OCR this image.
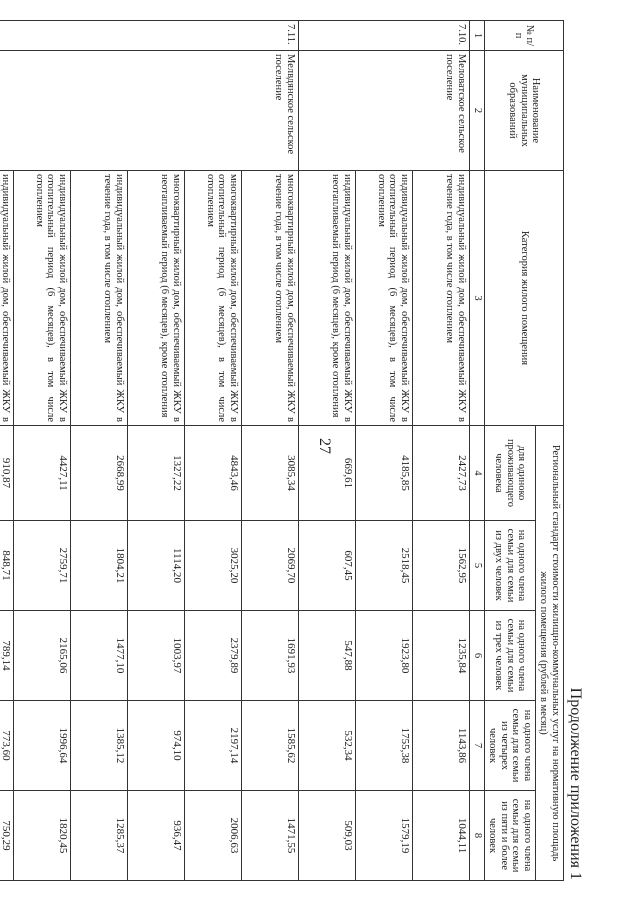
27
Продолжение приложения 1
№ п/п	Наименование муниципальных образований	Категория жилого помещения	Региональный стандарт стоимости жилищно-коммунальных услуг на нормативную площадь жилого помещения (рублей в месяц)				
			для одиноко проживающего человека	на одного члена семьи для семьи из двух человек	на одного члена семьи для семьи из трех человек	на одного члена семьи для семьи из четырех человек	на одного члена семьи для семьи из пяти и более человек
1	2	3	4	5	6	7	8
7.10.	Меловатское сельское поселение	индивидуальный жилой дом, обеспечиваемый ЖКУ в течение года, в том числе отоплением	2427,73	1562,95	1235,84	1143,86	1044,11
		индивидуальный жилой дом, обеспечиваемый ЖКУ в отопительный период (6 месяцев), в том числе отоплением	4185,85	2518,45	1923,80	1755,38	1579,19
		индивидуальный жилой дом, обеспечиваемый ЖКУ в неотапливаемый период (6 месяцев), кроме отопления	669,61	607,45	547,88	532,34	509,03
7.11.	Мелвдянское сельское поселение	многоквартирный жилой дом, обеспечиваемый ЖКУ в течение года, в том числе отоплением	3085,34	2069,70	1691,93	1585,62	1471,55
		многоквартирный жилой дом, обеспечиваемый ЖКУ в отопительный период (6 месяцев), в том числе отоплением	4843,46	3025,20	2379,89	2197,14	2006,63
		многоквартирный жилой дом, обеспечиваемый ЖКУ в неотапливаемый период (6 месяцев), кроме отопления	1327,22	1114,20	1003,97	974,10	936,47
		индивидуальный жилой дом, обеспечиваемый ЖКУ в течение года, в том числе отоплением	2668,99	1804,21	1477,10	1385,12	1285,37
		индивидуальный жилой дом, обеспечиваемый ЖКУ в отопительный период (6 месяцев), в том числе отоплением	4427,11	2759,71	2165,06	1996,64	1820,45
		индивидуальный жилой дом, обеспечиваемый ЖКУ в	910,87	848,71	789,14	773,60	750,29
